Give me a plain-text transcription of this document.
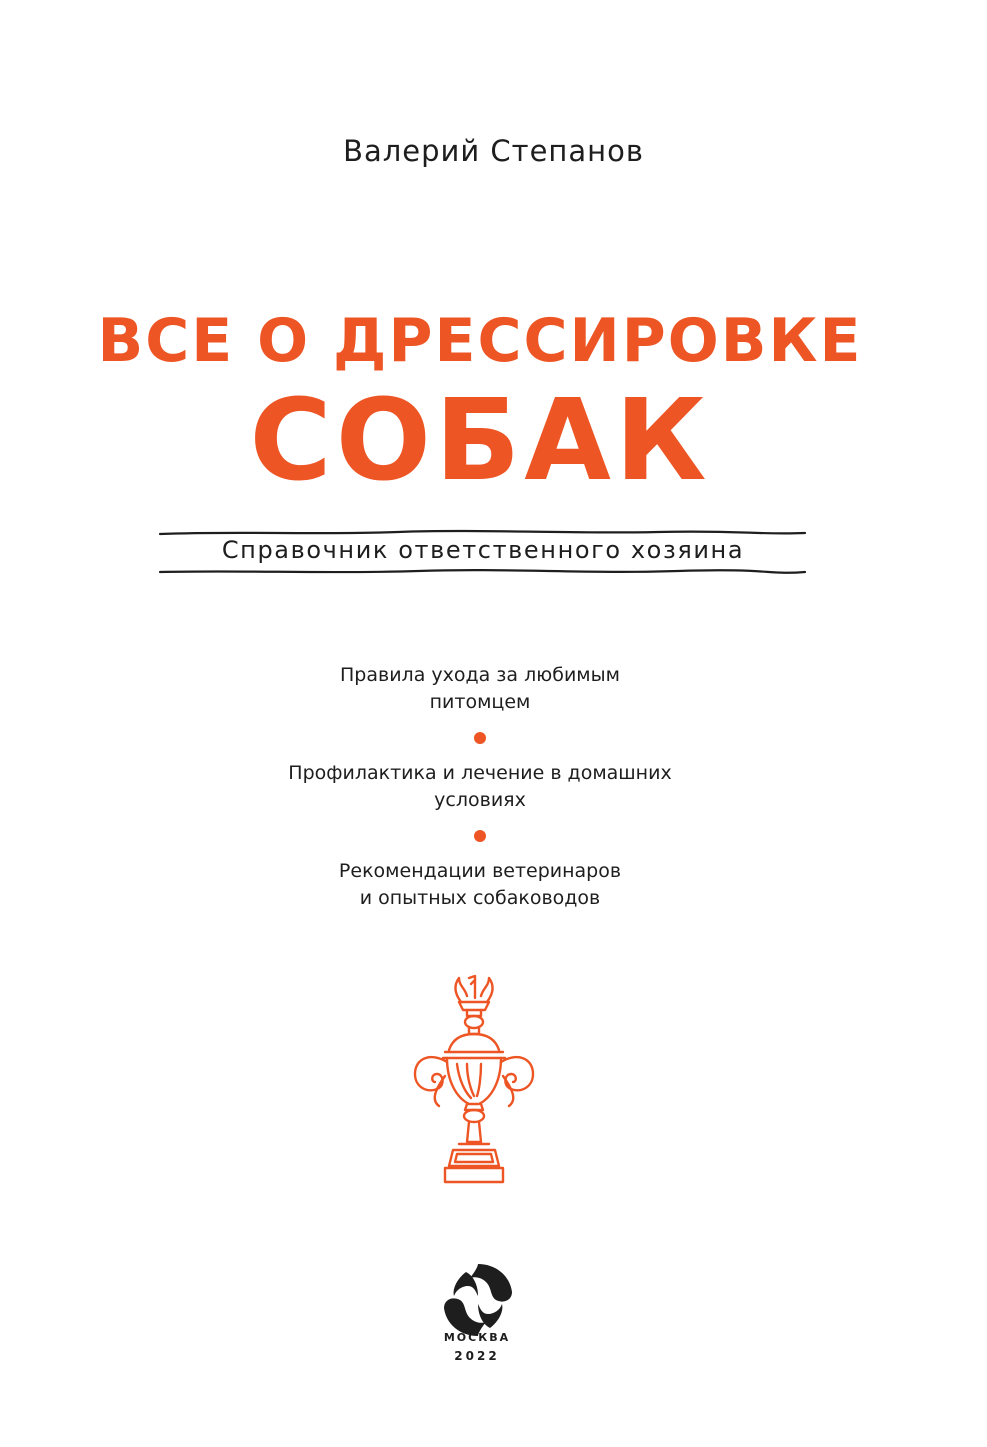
Валерий Степанов
ВСЕ О ДРЕССИРОВКЕ
СОБАК
Справочник ответственного хозяина
Правила ухода за любимым
питомцем
Профилактика и лечение в домашних
условиях
Рекомендации ветеринаров
и опытных собаководов
МОСКВА
2022
